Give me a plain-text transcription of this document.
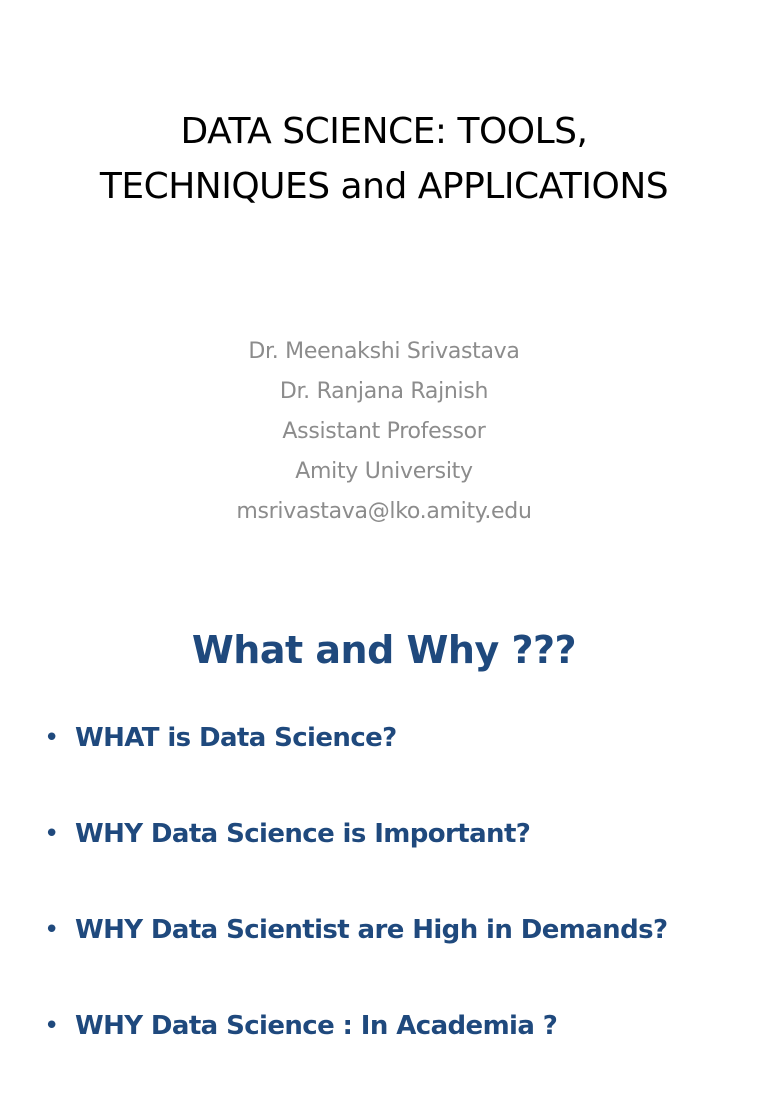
DATA SCIENCE: TOOLS,
TECHNIQUES and APPLICATIONS
Dr. Meenakshi Srivastava
Dr. Ranjana Rajnish
Assistant Professor
Amity University
msrivastava@lko.amity.edu
What and Why ???
• WHAT is Data Science?
• WHY Data Science is Important?
• WHY Data Scientist are High in Demands?
• WHY Data Science : In Academia ?
